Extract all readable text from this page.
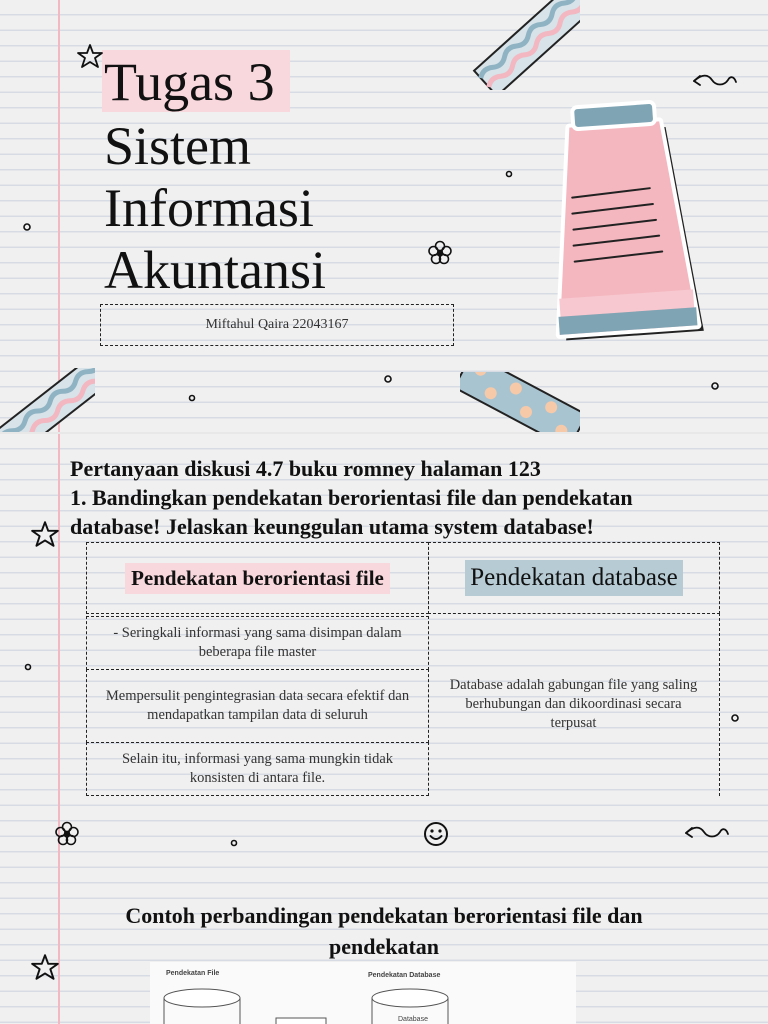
Tugas 3
Sistem
Informasi
Akuntansi
Miftahul Qaira 22043167
Pertanyaan diskusi 4.7 buku romney halaman 123
1. Bandingkan pendekatan berorientasi file dan pendekatan
database! Jelaskan keunggulan utama system database!
Pendekatan berorientasi file	Pendekatan database
- Seringkali informasi yang sama disimpan dalam beberapa file master
Mempersulit pengintegrasian data secara efektif dan mendapatkan tampilan data di seluruh
Selain itu, informasi yang sama mungkin tidak konsisten di antara file.
Database adalah gabungan file yang saling berhubungan dan dikoordinasi secara terpusat
Contoh perbandingan pendekatan berorientasi file dan
pendekatan
Pendekatan File	Pendekatan Database
Database
